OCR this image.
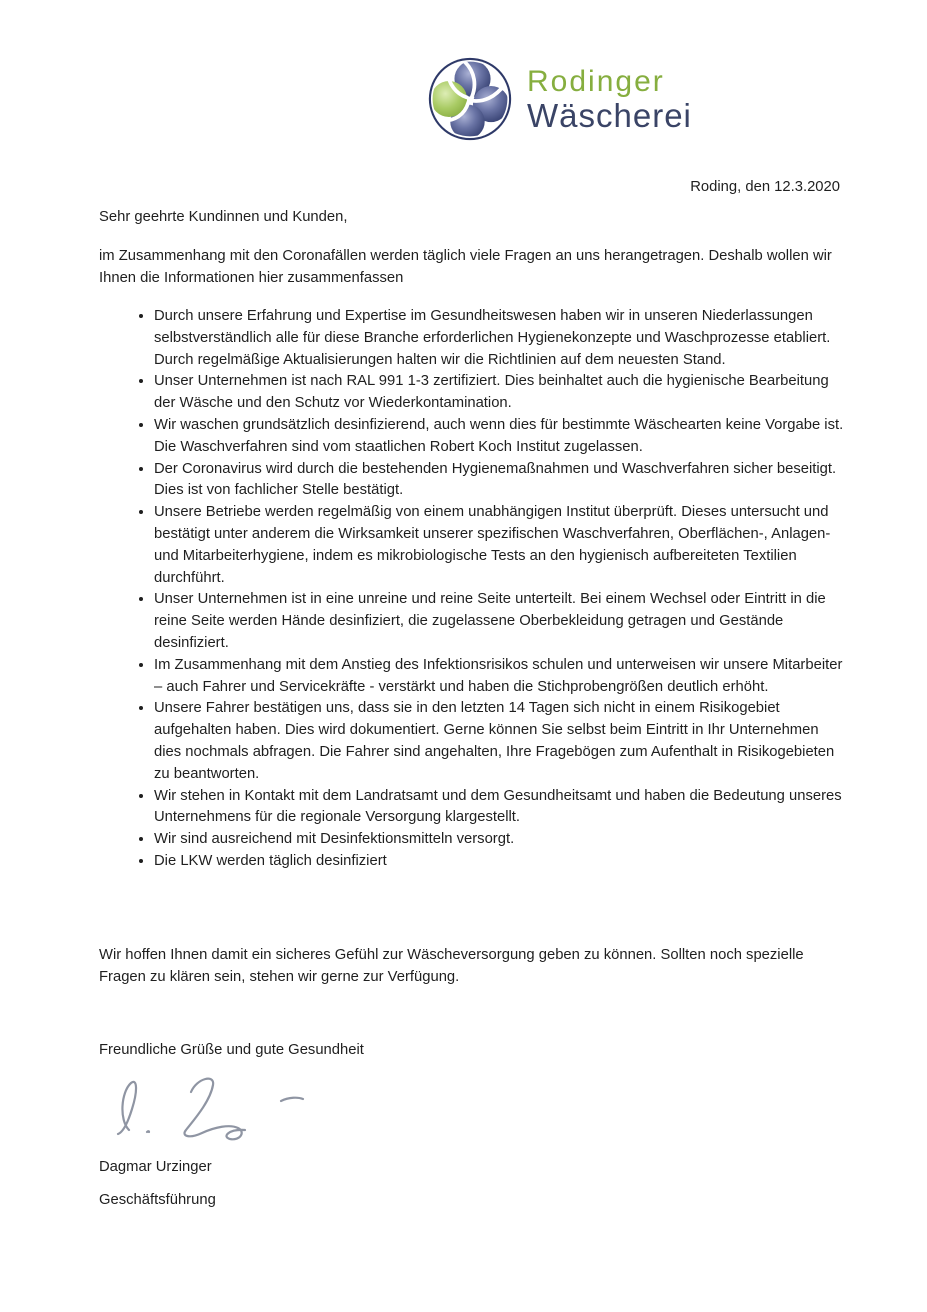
Rodinger
Wäscherei
Roding, den 12.3.2020
Sehr geehrte Kundinnen und Kunden,
im Zusammenhang mit den Coronafällen werden täglich viele Fragen an uns herangetragen. Deshalb wollen wir Ihnen die Informationen hier zusammenfassen
• Durch unsere Erfahrung und Expertise im Gesundheitswesen haben wir in unseren Niederlassungen selbstverständlich alle für diese Branche erforderlichen Hygienekonzepte und Waschprozesse etabliert. Durch regelmäßige Aktualisierungen halten wir die Richtlinien auf dem neuesten Stand.
• Unser Unternehmen ist nach RAL 991 1-3 zertifiziert. Dies beinhaltet auch die hygienische Bearbeitung der Wäsche und den Schutz vor Wiederkontamination.
• Wir waschen grundsätzlich desinfizierend, auch wenn dies für bestimmte Wäschearten keine Vorgabe ist. Die Waschverfahren sind vom staatlichen Robert Koch Institut zugelassen.
• Der Coronavirus wird durch die bestehenden Hygienemaßnahmen und Waschverfahren sicher beseitigt. Dies ist von fachlicher Stelle bestätigt.
• Unsere Betriebe werden regelmäßig von einem unabhängigen Institut überprüft. Dieses untersucht und bestätigt unter anderem die Wirksamkeit unserer spezifischen Waschverfahren, Oberflächen-, Anlagen- und Mitarbeiterhygiene, indem es mikrobiologische Tests an den hygienisch aufbereiteten Textilien durchführt.
• Unser Unternehmen ist in eine unreine und reine Seite unterteilt. Bei einem Wechsel oder Eintritt in die reine Seite werden Hände desinfiziert, die zugelassene Oberbekleidung getragen und Gestände desinfiziert.
• Im Zusammenhang mit dem Anstieg des Infektionsrisikos schulen und unterweisen wir unsere Mitarbeiter – auch Fahrer und Servicekräfte - verstärkt und haben die Stichprobengrößen deutlich erhöht.
• Unsere Fahrer bestätigen uns, dass sie in den letzten 14 Tagen sich nicht in einem Risikogebiet aufgehalten haben. Dies wird dokumentiert. Gerne können Sie selbst beim Eintritt in Ihr Unternehmen dies nochmals abfragen. Die Fahrer sind angehalten, Ihre Fragebögen zum Aufenthalt in Risikogebieten zu beantworten.
• Wir stehen in Kontakt mit dem Landratsamt und dem Gesundheitsamt und haben die Bedeutung unseres Unternehmens für die regionale Versorgung klargestellt.
• Wir sind ausreichend mit Desinfektionsmitteln versorgt.
• Die LKW werden täglich desinfiziert
Wir hoffen Ihnen damit ein sicheres Gefühl zur Wäscheversorgung geben zu können. Sollten noch spezielle Fragen zu klären sein, stehen wir gerne zur Verfügung.
Freundliche Grüße und gute Gesundheit
Dagmar Urzinger
Geschäftsführung
